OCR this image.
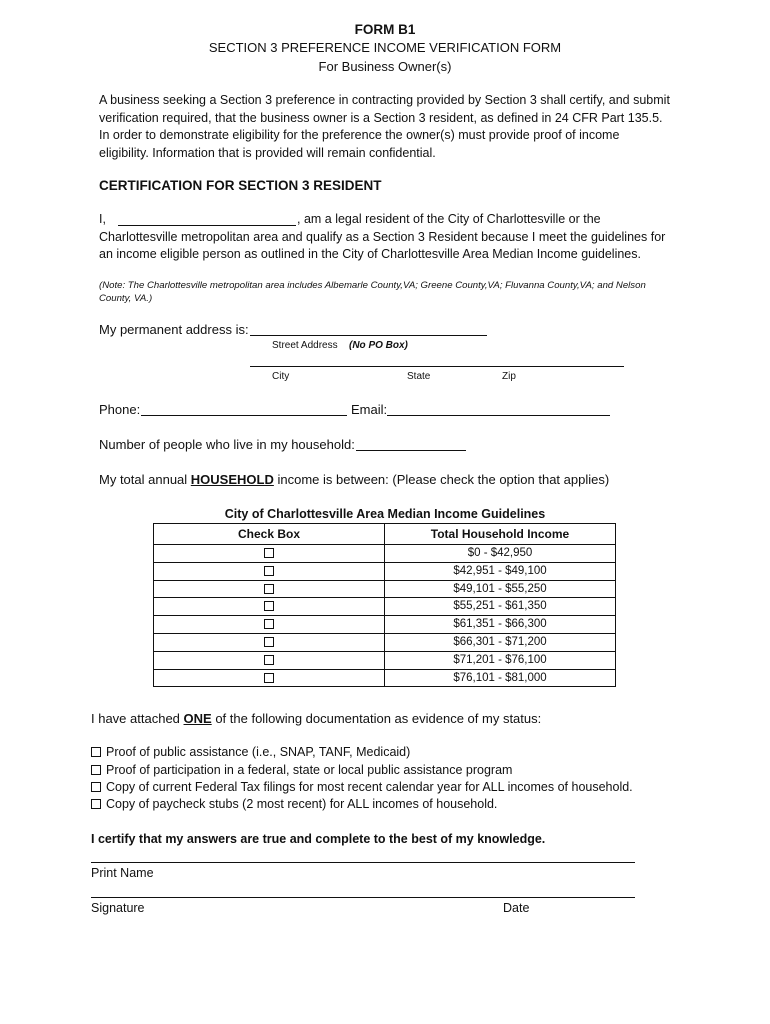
FORM B1
SECTION 3 PREFERENCE INCOME VERIFICATION FORM
For Business Owner(s)
A business seeking a Section 3 preference in contracting provided by Section 3 shall certify, and submit
verification required, that the business owner is a Section 3 resident, as defined in 24 CFR Part 135.5.
In order to demonstrate eligibility for the preference the owner(s) must provide proof of income
eligibility. Information that is provided will remain confidential.
CERTIFICATION FOR SECTION 3 RESIDENT
I,	, am a legal resident of the City of Charlottesville or the
Charlottesville metropolitan area and qualify as a Section 3 Resident because I meet the guidelines for
an income eligible person as outlined in the City of Charlottesville Area Median Income guidelines.
(Note: The Charlottesville metropolitan area includes Albemarle County,VA; Greene County,VA; Fluvanna County,VA; and Nelson
County, VA.)
My permanent address is:
Street Address (No PO Box)
City	State	Zip
Phone:	Email:
Number of people who live in my household:
My total annual HOUSEHOLD income is between: (Please check the option that applies)
City of Charlottesville Area Median Income Guidelines
Check Box	Total Household Income
	$0 - $42,950
	$42,951 - $49,100
	$49,101 - $55,250
	$55,251 - $61,350
	$61,351 - $66,300
	$66,301 - $71,200
	$71,201 - $76,100
	$76,101 - $81,000
I have attached ONE of the following documentation as evidence of my status:
Proof of public assistance (i.e., SNAP, TANF, Medicaid)
Proof of participation in a federal, state or local public assistance program
Copy of current Federal Tax filings for most recent calendar year for ALL incomes of household.
Copy of paycheck stubs (2 most recent) for ALL incomes of household.
I certify that my answers are true and complete to the best of my knowledge.
Print Name
Signature	Date
